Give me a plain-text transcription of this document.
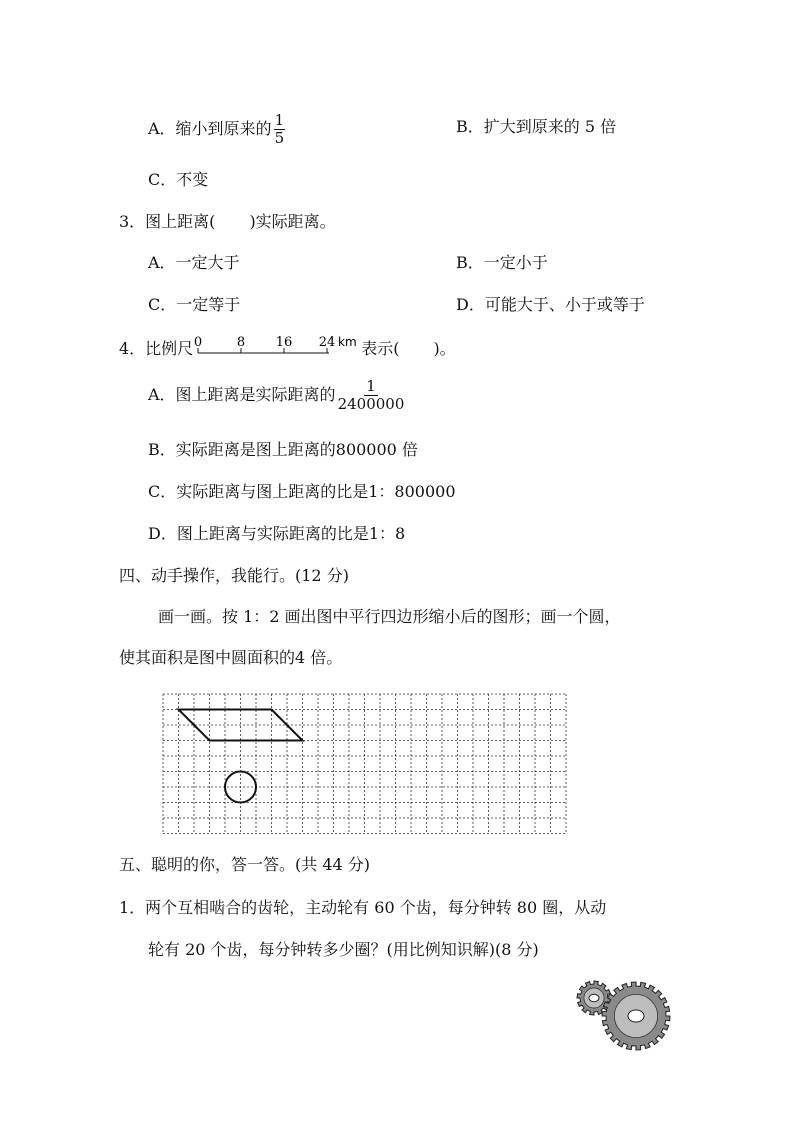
A．缩小到原来的 $\frac{1}{5}$	B．扩大到原来的 5 倍
C．不变
3．图上距离( )实际距离。
A．一定大于	B．一定小于
C．一定等于	D．可能大于、小于或等于
4．比例尺 0	8 16 24 km 表示( )。
A．图上距离是实际距离的 $\frac{1}{2400000}$
B．实际距离是图上距离的800000 倍
C．实际距离与图上距离的比是1：800000
D．图上距离与实际距离的比是1：8
四、动手操作，我能行。(12 分)
画一画。按 1：2 画出图中平行四边形缩小后的图形；画一个圆，
使其面积是图中圆面积的4 倍。
五、聪明的你，答一答。(共 44 分)
1．两个互相啮合的齿轮，主动轮有 60 个齿，每分钟转 80 圈，从动
轮有 20 个齿，每分钟转多少圈？(用比例知识解)(8 分)
